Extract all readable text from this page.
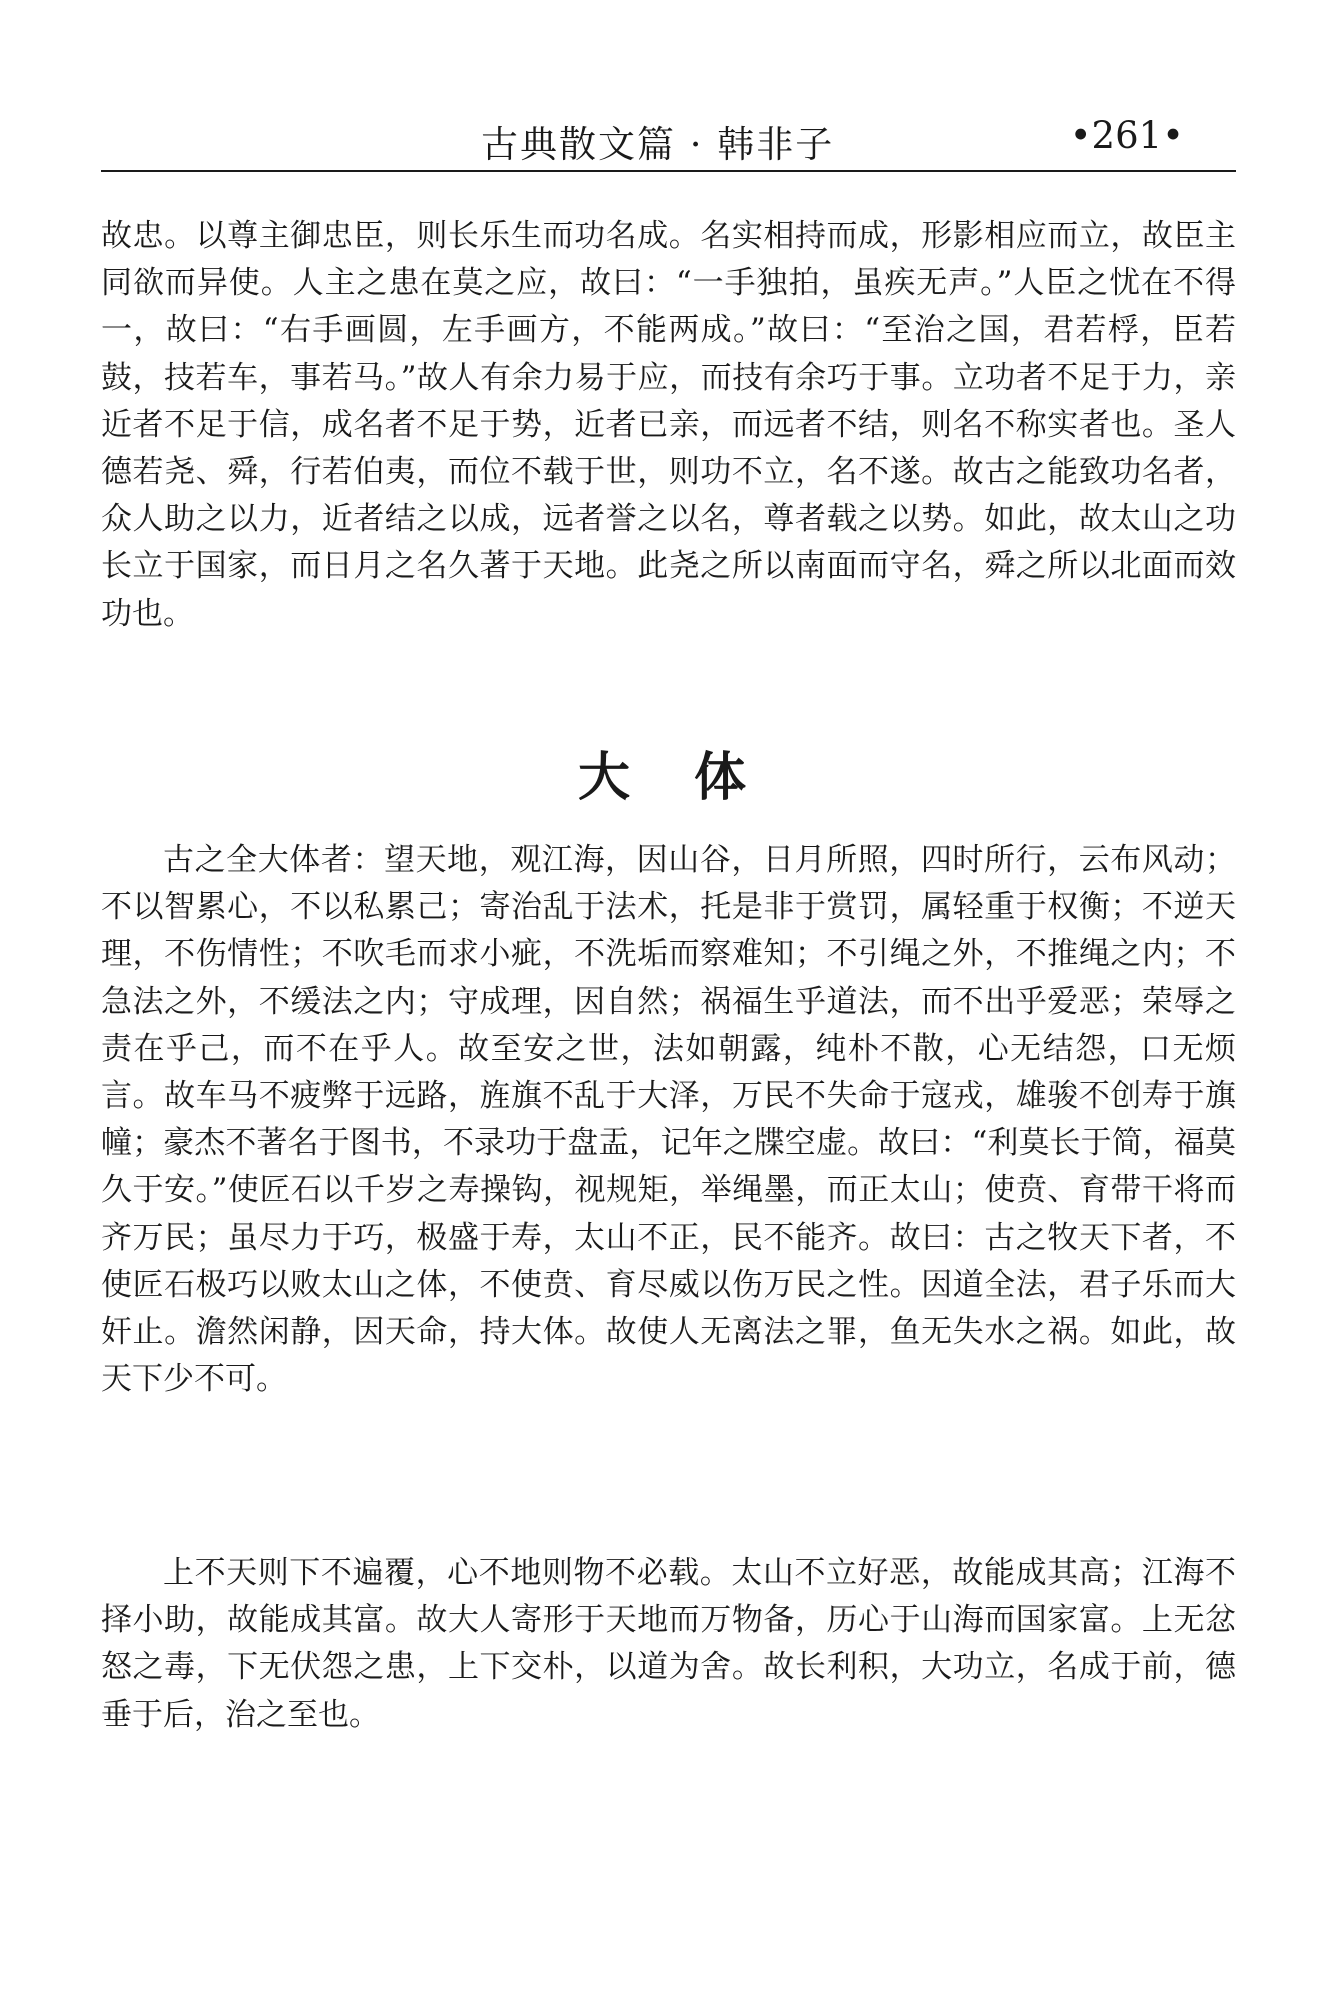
古典散文篇 · 韩非子	•261•

故忠。以尊主御忠臣，则长乐生而功名成。名实相持而成，形影相应而立，故臣主同欲而异使。人主之患在莫之应，故曰：“一手独拍，虽疾无声。”人臣之忧在不得一，故曰：“右手画圆，左手画方，不能两成。”故曰：“至治之国，君若桴，臣若鼓，技若车，事若马。”故人有余力易于应，而技有余巧于事。立功者不足于力，亲近者不足于信，成名者不足于势，近者已亲，而远者不结，则名不称实者也。圣人德若尧、舜，行若伯夷，而位不载于世，则功不立，名不遂。故古之能致功名者，众人助之以力，近者结之以成，远者誉之以名，尊者载之以势。如此，故太山之功长立于国家，而日月之名久著于天地。此尧之所以南面而守名，舜之所以北面而效功也。

大体

古之全大体者：望天地，观江海，因山谷，日月所照，四时所行，云布风动；不以智累心，不以私累己；寄治乱于法术，托是非于赏罚，属轻重于权衡；不逆天理，不伤情性；不吹毛而求小疵，不洗垢而察难知；不引绳之外，不推绳之内；不急法之外，不缓法之内；守成理，因自然；祸福生乎道法，而不出乎爱恶；荣辱之责在乎己，而不在乎人。故至安之世，法如朝露，纯朴不散，心无结怨，口无烦言。故车马不疲弊于远路，旌旗不乱于大泽，万民不失命于寇戎，雄骏不创寿于旗幢；豪杰不著名于图书，不录功于盘盂，记年之牒空虚。故曰：“利莫长于简，福莫久于安。”使匠石以千岁之寿操钩，视规矩，举绳墨，而正太山；使贲、育带干将而齐万民；虽尽力于巧，极盛于寿，太山不正，民不能齐。故曰：古之牧天下者，不使匠石极巧以败太山之体，不使贲、育尽威以伤万民之性。因道全法，君子乐而大奸止。澹然闲静，因天命，持大体。故使人无离法之罪，鱼无失水之祸。如此，故天下少不可。

上不天则下不遍覆，心不地则物不必载。太山不立好恶，故能成其高；江海不择小助，故能成其富。故大人寄形于天地而万物备，历心于山海而国家富。上无忿怒之毒，下无伏怨之患，上下交朴，以道为舍。故长利积，大功立，名成于前，德垂于后，治之至也。
